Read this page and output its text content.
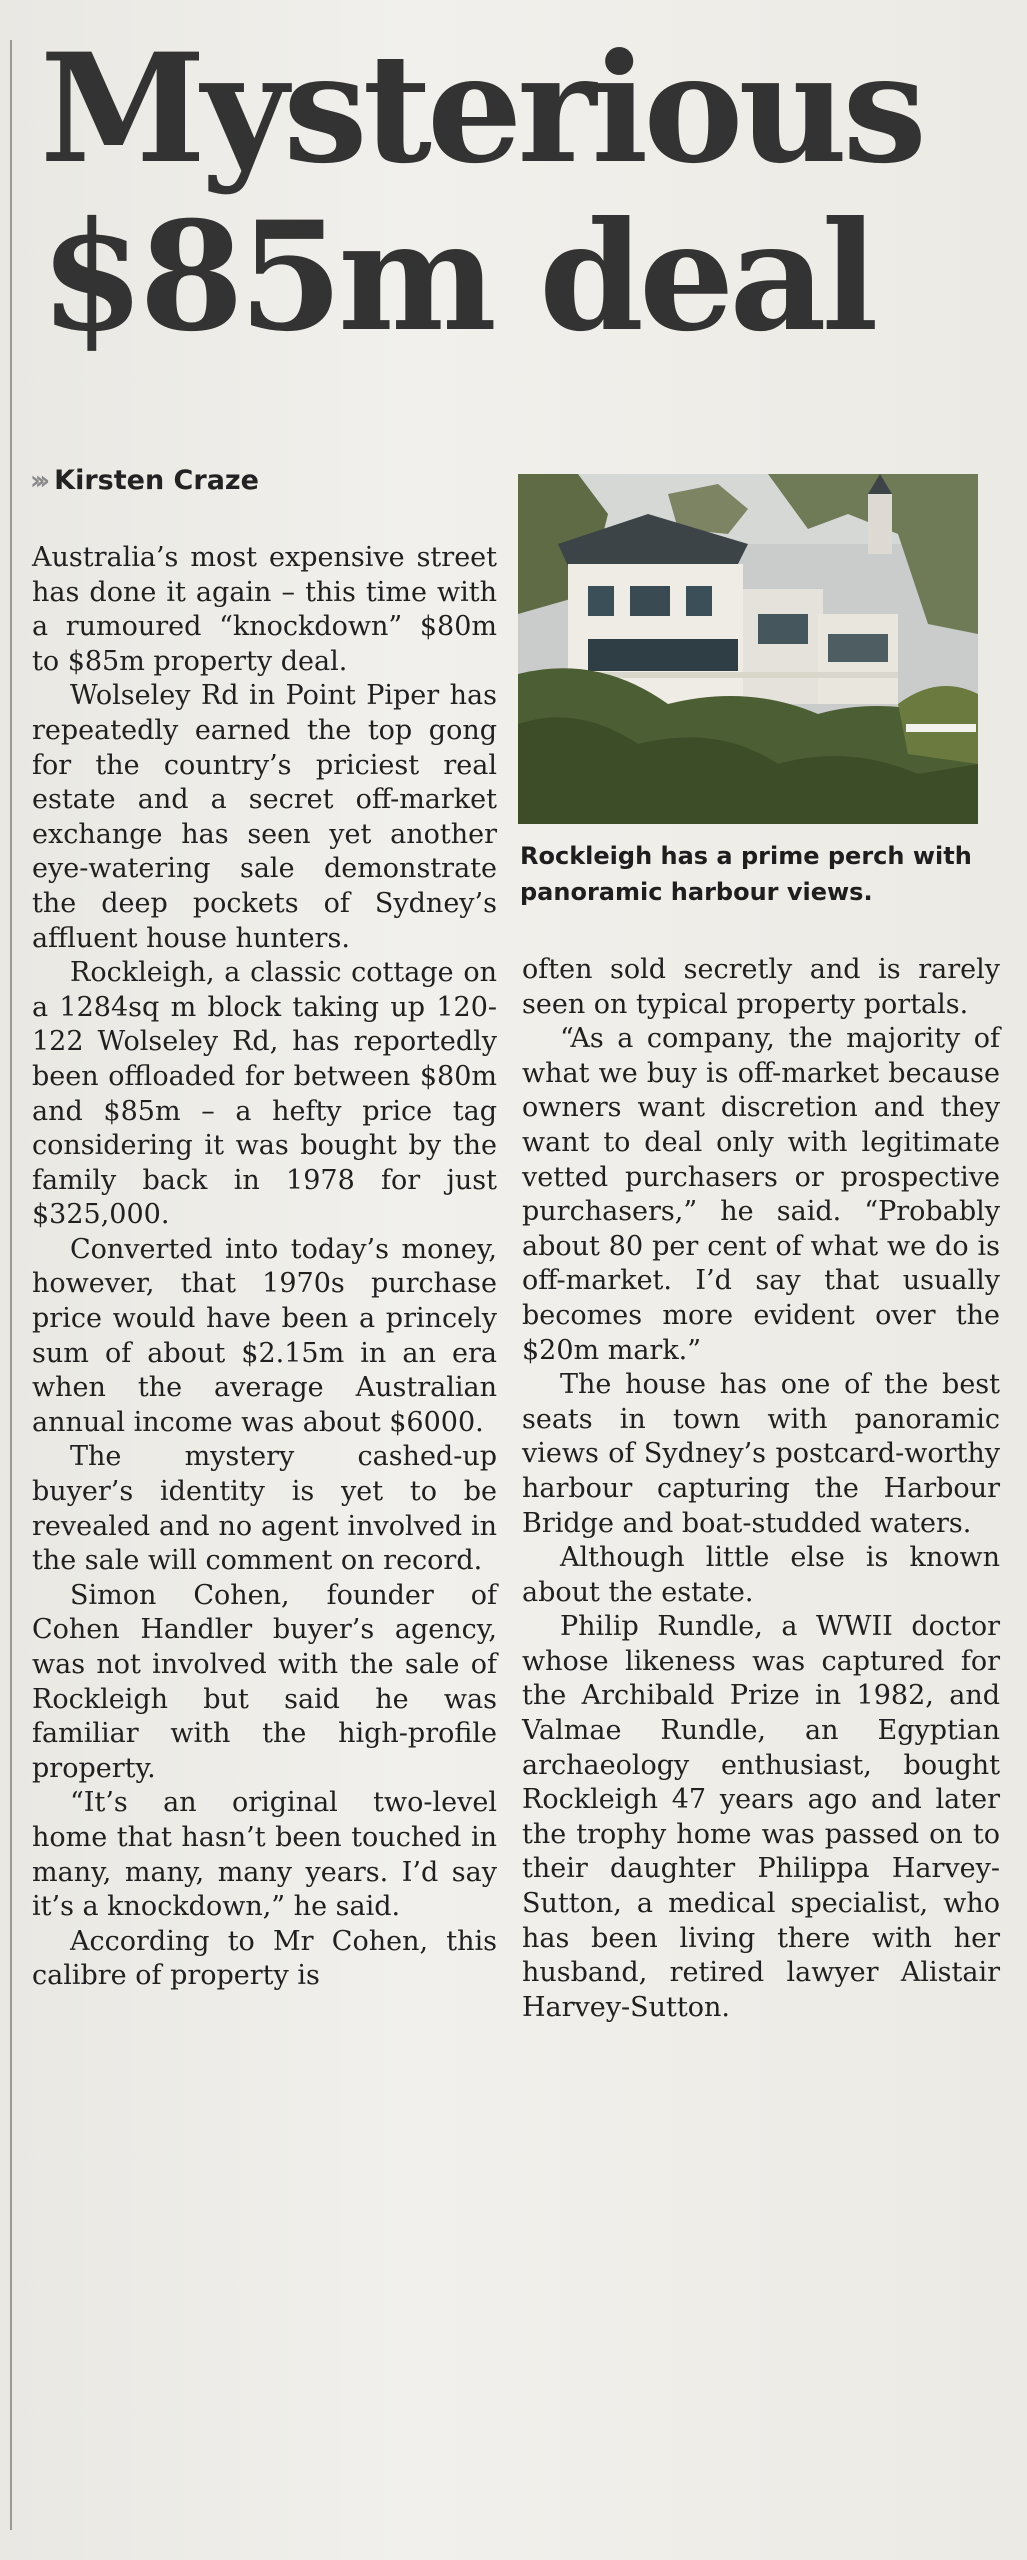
Mysterious $85m deal
››› Kirsten Craze

Rockleigh has a prime perch with panoramic harbour views.

Australia’s most expensive street has done it again – this time with a rumoured “knockdown” $80m to $85m property deal.

Wolseley Rd in Point Piper has repeatedly earned the top gong for the country’s priciest real estate and a secret off-market exchange has seen yet another eye-watering sale demonstrate the deep pockets of Sydney’s affluent house hunters.

Rockleigh, a classic cottage on a 1284sq m block taking up 120-122 Wolseley Rd, has reportedly been offloaded for between $80m and $85m – a hefty price tag considering it was bought by the family back in 1978 for just $325,000.

Converted into today’s money, however, that 1970s purchase price would have been a princely sum of about $2.15m in an era when the average Australian annual income was about $6000.

The mystery cashed-up buyer’s identity is yet to be revealed and no agent involved in the sale will comment on record.

Simon Cohen, founder of Cohen Handler buyer’s agency, was not involved with the sale of Rockleigh but said he was familiar with the high-profile property.

“It’s an original two-level home that hasn’t been touched in many, many, many years. I’d say it’s a knockdown,” he said.

According to Mr Cohen, this calibre of property is

often sold secretly and is rarely seen on typical property portals.

“As a company, the majority of what we buy is off-market because owners want discretion and they want to deal only with legitimate vetted purchasers or prospective purchasers,” he said. “Probably about 80 per cent of what we do is off-market. I’d say that usually becomes more evident over the $20m mark.”

The house has one of the best seats in town with panoramic views of Sydney’s postcard-worthy harbour capturing the Harbour Bridge and boat-studded waters.

Although little else is known about the estate.

Philip Rundle, a WWII doctor whose likeness was captured for the Archibald Prize in 1982, and Valmae Rundle, an Egyptian archaeology enthusiast, bought Rockleigh 47 years ago and later the trophy home was passed on to their daughter Philippa Harvey-Sutton, a medical specialist, who has been living there with her husband, retired lawyer Alistair Harvey-Sutton.
